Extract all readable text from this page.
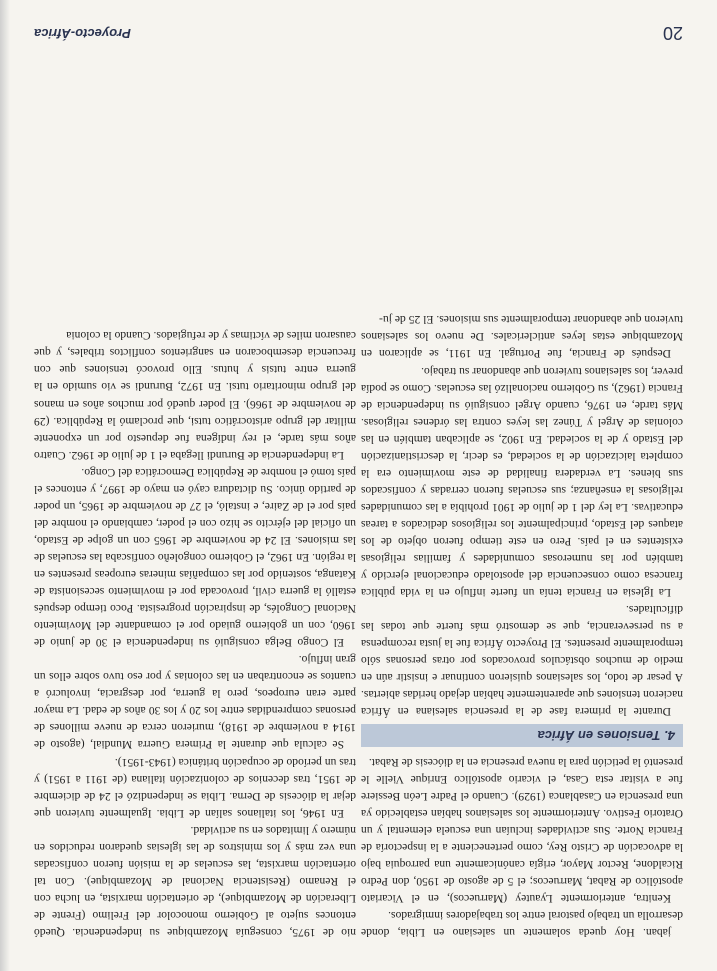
jaban. Hoy queda solamente un salesiano en Libia, donde desarrolla un trabajo pastoral entre los trabajadores inmigrados.

Kenitra, anteriormente Lyautey (Marruecos), en el Vicariato apostólico de Rabat, Marruecos; el 5 de agosto de 1950, don Pedro Ricaldone, Rector Mayor, erigía canónicamente una parroquia bajo la advocación de Cristo Rey, como perteneciente a la inspectoría de Francia Norte. Sus actividades incluían una escuela elemental y un Oratorio Festivo. Anteriormente los salesianos habían establecido ya una presencia en Casablanca (1929). Cuando el Padre León Bessiere fue a visitar esta Casa, el vicario apostólico Enrique Vielle le presentó la petición para la nueva presencia en la diócesis de Rabat.

4. Tensiones en África

Durante la primera fase de la presencia salesiana en África nacieron tensiones que aparentemente habían dejado heridas abiertas. A pesar de todo, los salesianos quisieron continuar e insistir aún en medio de muchos obstáculos provocados por otras personas sólo temporalmente presentes. El Proyecto África fue la justa recompensa a su perseverancia, que se demostró más fuerte que todas las dificultades.

La Iglesia en Francia tenía un fuerte influjo en la vida pública francesa como consecuencia del apostolado educacional ejercido y también por las numerosas comunidades y familias religiosas existentes en el país. Pero en este tiempo fueron objeto de los ataques del Estado, principalmente los religiosos dedicados a tareas educativas. La ley del 1 de julio de 1901 prohibía a las comunidades religiosas la enseñanza; sus escuelas fueron cerradas y confiscados sus bienes. La verdadera finalidad de este movimiento era la completa laicización de la sociedad, es decir, la descristianización del Estado y de la sociedad. En 1902, se aplicaban también en las colonias de Argel y Túnez las leyes contra las órdenes religiosas. Más tarde, en 1976, cuando Argel consiguió su independencia de Francia (1962), su Gobierno nacionalizó las escuelas. Como se podía prever, los salesianos tuvieron que abandonar su trabajo.

Después de Francia, fue Portugal. En 1911, se aplicaron en Mozambique estas leyes anticlericales. De nuevo los salesianos tuvieron que abandonar temporalmente sus misiones. El 25 de ju-

nio de 1975, conseguía Mozambique su independencia. Quedó entonces sujeto al Gobierno monocolor del Frelimo (Frente de Liberación de Mozambique), de orientación marxista, en lucha con el Renamo (Resistencia Nacional de Mozambique). Con tal orientación marxista, las escuelas de la misión fueron confiscadas una vez más y los ministros de las iglesias quedaron reducidos en número y limitados en su actividad.

En 1946, los italianos salían de Libia. Igualmente tuvieron que dejar la diócesis de Derna. Libia se independizó el 24 de diciembre de 1951, tras decenios de colonización italiana (de 1911 a 1951) y tras un período de ocupación británica (1943-1951).

Se calcula que durante la Primera Guerra Mundial, (agosto de 1914 a noviembre de 1918), murieron cerca de nueve millones de personas comprendidas entre los 20 y los 30 años de edad. La mayor parte eran europeos, pero la guerra, por desgracia, involucró a cuantos se encontraban en las colonias y por eso tuvo sobre ellos un gran influjo.

El Congo Belga consiguió su independencia el 30 de junio de 1960, con un gobierno guiado por el comandante del Movimiento Nacional Congolés, de inspiración progresista. Poco tiempo después estalló la guerra civil, provocada por el movimiento secesionista de Katanga, sostenido por las compañías mineras europeas presentes en la región. En 1962, el Gobierno congoleño confiscaba las escuelas de las misiones. El 24 de noviembre de 1965 con un golpe de Estado, un oficial del ejército se hizo con el poder, cambiando el nombre del país por el de Zaire, e instaló, el 27 de noviembre de 1965, un poder de partido único. Su dictadura cayó en mayo de 1997, y entonces el país tomó el nombre de República Democrática del Congo.

La independencia de Burundi llegaba el 1 de julio de 1962. Cuatro años más tarde, el rey indígena fue depuesto por un exponente militar del grupo aristocrático tutsi, que proclamó la República. (29 de noviembre de 1966). El poder quedó por muchos años en manos del grupo minoritario tutsi. En 1972, Burundi se vio sumido en la guerra entre tutsis y hutus. Ello provocó tensiones que con frecuencia desembocaron en sangrientos conflictos tribales, y que causaron miles de víctimas y de refugiados. Cuando la colonia

20
Proyecto-África
